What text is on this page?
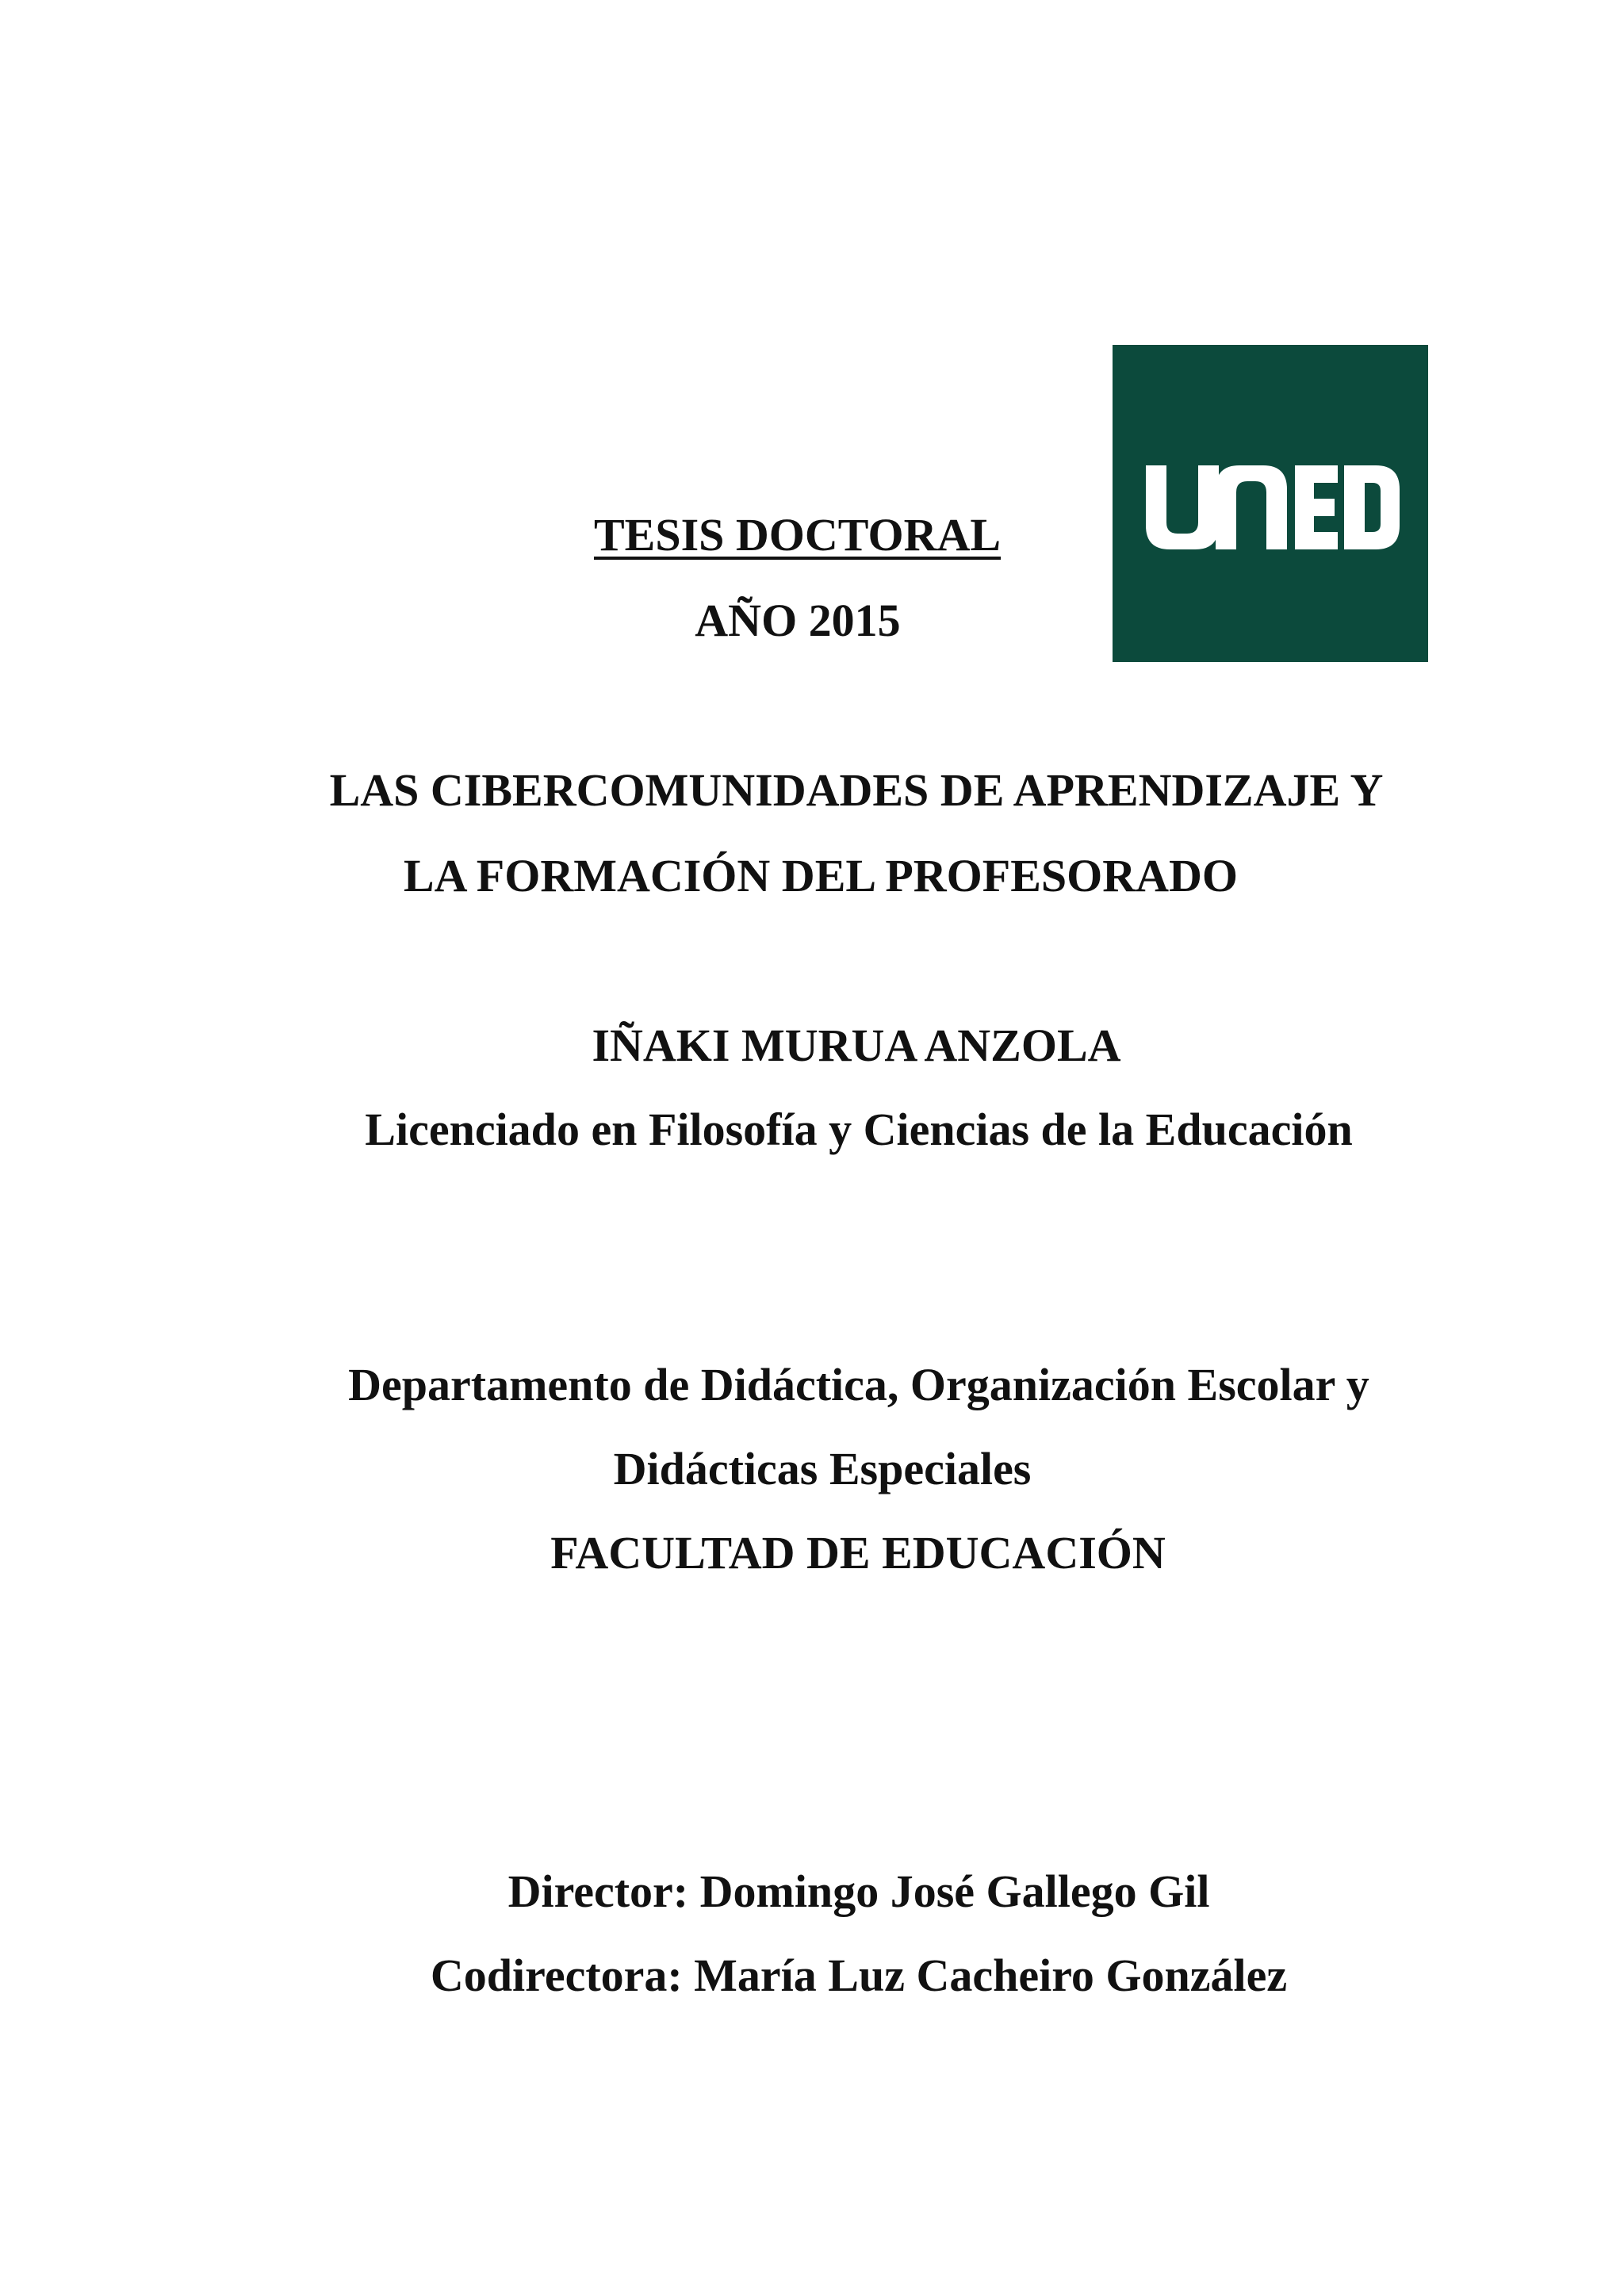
TESIS DOCTORAL
AÑO 2015
LAS CIBERCOMUNIDADES DE APRENDIZAJE Y
LA FORMACIÓN DEL PROFESORADO
IÑAKI MURUA ANZOLA
Licenciado en Filosofía y Ciencias de la Educación
Departamento de Didáctica, Organización Escolar y
Didácticas Especiales
FACULTAD DE EDUCACIÓN
Director: Domingo José Gallego Gil
Codirectora: María Luz Cacheiro González
